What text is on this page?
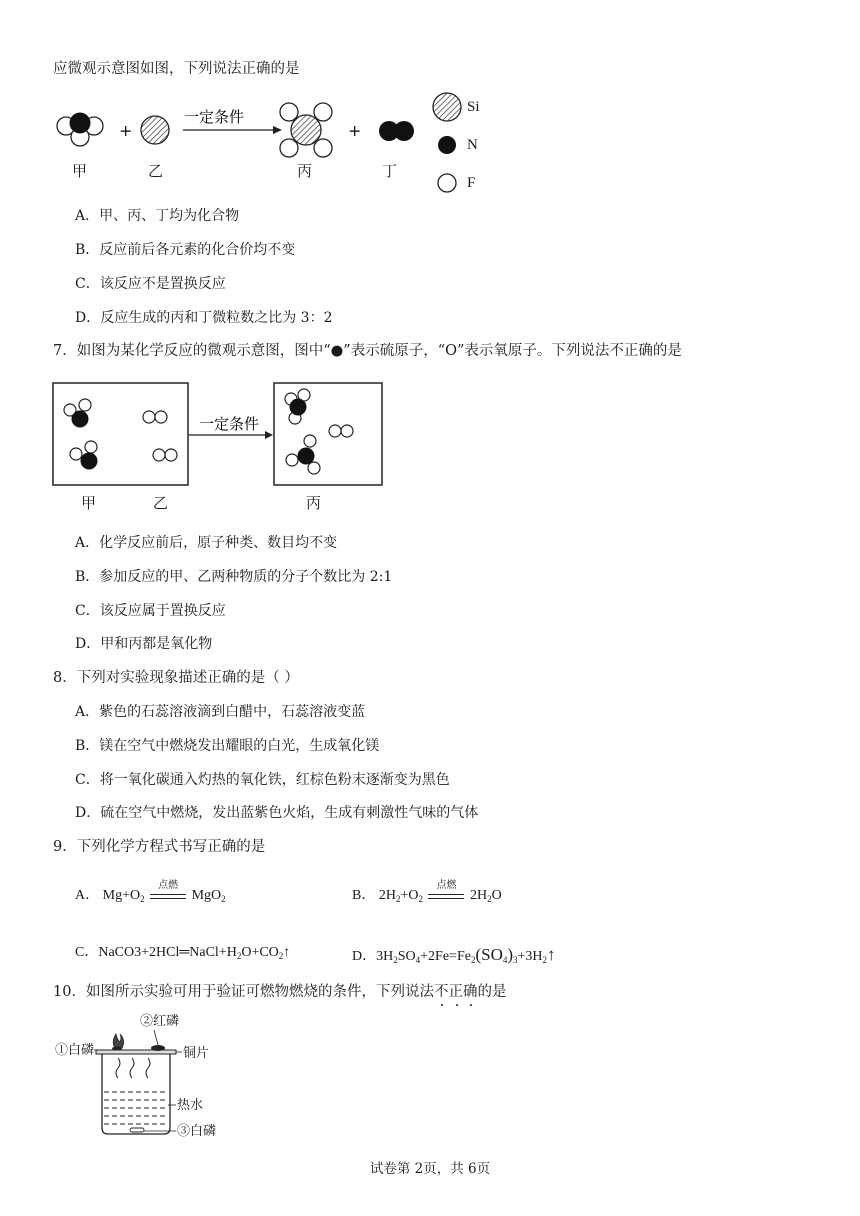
应微观示意图如图，下列说法正确的是
+
一定条件
+
Si
N
F
甲	乙	丙	丁
A．甲、丙、丁均为化合物
B．反应前后各元素的化合价均不变
C．该反应不是置换反应
D．反应生成的丙和丁微粒数之比为 3：2
7．如图为某化学反应的微观示意图，图中“●”表示硫原子，“O”表示氧原子。下列说法不正确的是
一定条件
甲	乙	丙
A．化学反应前后，原子种类、数目均不变
B．参加反应的甲、乙两种物质的分子个数比为 2:1
C．该反应属于置换反应
D．甲和丙都是氧化物
8．下列对实验现象描述正确的是（ ）
A．紫色的石蕊溶液滴到白醋中，石蕊溶液变蓝
B．镁在空气中燃烧发出耀眼的白光，生成氧化镁
C．将一氧化碳通入灼热的氧化铁，红棕色粉末逐渐变为黑色
D．硫在空气中燃烧，发出蓝紫色火焰，生成有刺激性气味的气体
9．下列化学方程式书写正确的是
A． $Mg+O_2$
点燃
MgO$_2$	B． $2H_2+O_2$
点燃
$2H_2O$
C．$NaCO3+2HCl═NaCl+H_2O+CO_2↑$	D．$3H_2SO_4+2Fe=Fe_2(SO_4)_3+3H_2↑$
10．如图所示实验可用于验证可燃物燃烧的条件，下列说法不正确的是
①白磷
②红磷
铜片
热水
③白磷
试卷第 2页，共 6页
